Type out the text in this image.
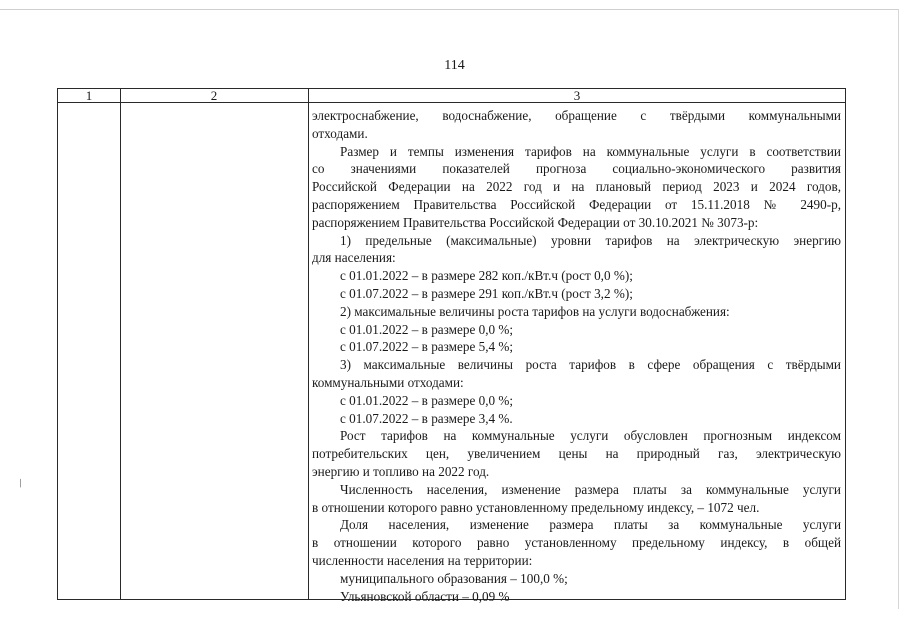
114
1	2	3
электроснабжение, водоснабжение, обращение с твёрдыми коммунальными
отходами.
Размер и темпы изменения тарифов на коммунальные услуги в соответствии
со значениями показателей прогноза социально-экономического развития
Российской Федерации на 2022 год и на плановый период 2023 и 2024 годов,
распоряжением Правительства Российской Федерации от 15.11.2018 № 2490-р,
распоряжением Правительства Российской Федерации от 30.10.2021 № 3073-р:
1) предельные (максимальные) уровни тарифов на электрическую энергию
для населения:
с 01.01.2022 – в размере 282 коп./кВт.ч (рост 0,0 %);
с 01.07.2022 – в размере 291 коп./кВт.ч (рост 3,2 %);
2) максимальные величины роста тарифов на услуги водоснабжения:
с 01.01.2022 – в размере 0,0 %;
с 01.07.2022 – в размере 5,4 %;
3) максимальные величины роста тарифов в сфере обращения с твёрдыми
коммунальными отходами:
с 01.01.2022 – в размере 0,0 %;
с 01.07.2022 – в размере 3,4 %.
Рост тарифов на коммунальные услуги обусловлен прогнозным индексом
потребительских цен, увеличением цены на природный газ, электрическую
энергию и топливо на 2022 год.
Численность населения, изменение размера платы за коммунальные услуги
в отношении которого равно установленному предельному индексу, – 1072 чел.
Доля населения, изменение размера платы за коммунальные услуги
в отношении которого равно установленному предельному индексу, в общей
численности населения на территории:
муниципального образования – 100,0 %;
Ульяновской области – 0,09 %
/
